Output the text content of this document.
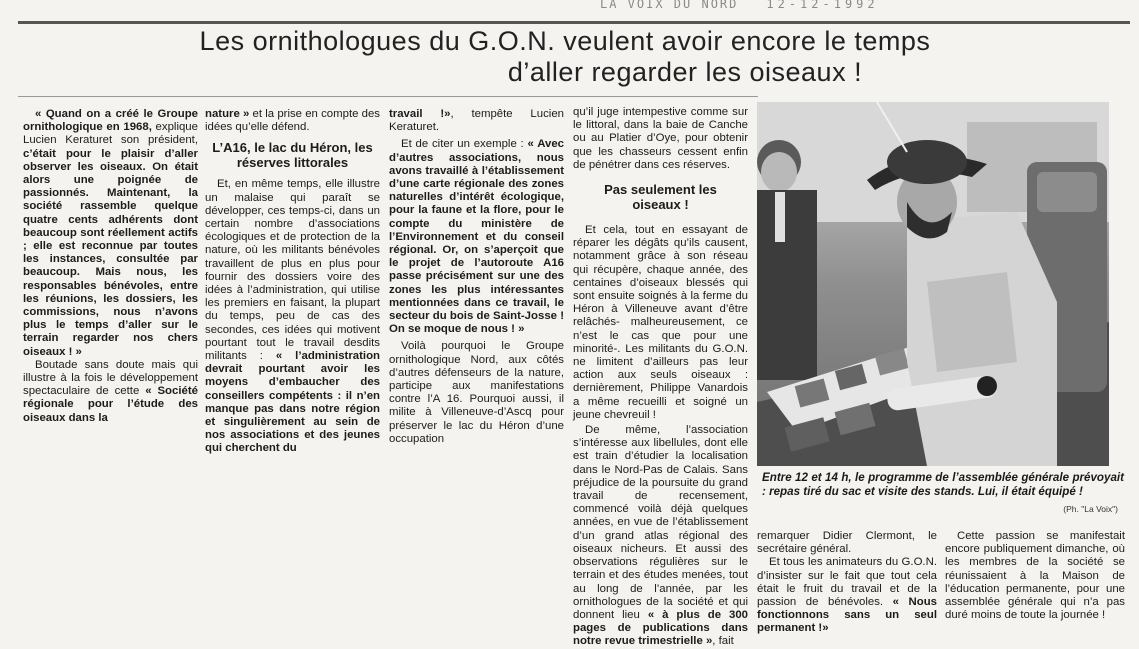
LA VOIX DU NORD 12-12-1992
Les ornithologues du G.O.N. veulent avoir encore le temps
d’aller regarder les oiseaux !

« Quand on a créé le Groupe ornithologique en 1968, explique Lucien Keraturet son président, c’était pour le plaisir d’aller observer les oiseaux. On était alors une poignée de passionnés. Maintenant, la société rassemble quelque quatre cents adhérents dont beaucoup sont réellement actifs ; elle est reconnue par toutes les instances, consultée par beaucoup. Mais nous, les responsables bénévoles, entre les réunions, les dossiers, les commissions, nous n’avons plus le temps d’aller sur le terrain regarder nos chers oiseaux ! »

Boutade sans doute mais qui illustre à la fois le développement spectaculaire de cette « Société régionale pour l’étude des oiseaux dans la

nature » et la prise en compte des idées qu’elle défend.

L’A16, le lac du Héron, les réserves littorales

Et, en même temps, elle illustre un malaise qui paraît se développer, ces temps-ci, dans un certain nombre d’associations écologiques et de protection de la nature, où les militants bénévoles travaillent de plus en plus pour fournir des dossiers voire des idées à l’administration, qui utilise les premiers en faisant, la plupart du temps, peu de cas des secondes, ces idées qui motivent pourtant tout le travail desdits militants : « l’administration devrait pourtant avoir les moyens d’embaucher des conseillers compétents : il n’en manque pas dans notre région et singulièrement au sein de nos associations et des jeunes qui cherchent du

travail !», tempête Lucien Keraturet.

Et de citer un exemple : « Avec d’autres associations, nous avons travaillé à l’établissement d’une carte régionale des zones naturelles d’intérêt écologique, pour la faune et la flore, pour le compte du ministère de l’Environnement et du conseil régional. Or, on s’aperçoit que le projet de l’autoroute A16 passe précisément sur une des zones les plus intéressantes mentionnées dans ce travail, le secteur du bois de Saint-Josse ! On se moque de nous ! »

Voilà pourquoi le Groupe ornithologique Nord, aux côtés d’autres défenseurs de la nature, participe aux manifestations contre l’A 16. Pourquoi aussi, il milite à Villeneuve-d’Ascq pour préserver le lac du Héron d’une occupation

qu’il juge intempestive comme sur le littoral, dans la baie de Canche ou au Platier d’Oye, pour obtenir que les chasseurs cessent enfin de pénétrer dans ces réserves.

Pas seulement les oiseaux !

Et cela, tout en essayant de réparer les dégâts qu’ils causent, notamment grâce à son réseau qui récupère, chaque année, des centaines d’oiseaux blessés qui sont ensuite soignés à la ferme du Héron à Villeneuve avant d’être relâchés- malheureusement, ce n’est le cas que pour une minorité-. Les militants du G.O.N. ne limitent d’ailleurs pas leur action aux seuls oiseaux : dernièrement, Philippe Vanardois a même recueilli et soigné un jeune chevreuil !

De même, l’association s’intéresse aux libellules, dont elle est train d’étudier la localisation dans le Nord-Pas de Calais. Sans préjudice de la poursuite du grand travail de recensement, commencé voilà déjà quelques années, en vue de l’établissement d’un grand atlas régional des oiseaux nicheurs. Et aussi des observations régulières sur le terrain et des études menées, tout au long de l’année, par les ornithologues de la société et qui donnent lieu « à plus de 300 pages de publications dans notre revue trimestrielle », fait

Entre 12 et 14 h, le programme de l’assemblée générale prévoyait : repas tiré du sac et visite des stands. Lui, il était équipé !
(Ph. "La Voix")

remarquer Didier Clermont, le secrétaire général.

Et tous les animateurs du G.O.N. d’insister sur le fait que tout cela était le fruit du travail et de la passion de bénévoles. « Nous fonctionnons sans un seul permanent !»

Cette passion se manifestait encore publiquement dimanche, où les membres de la société se réunissaient à la Maison de l’éducation permanente, pour une assemblée générale qui n’a pas duré moins de toute la journée !
